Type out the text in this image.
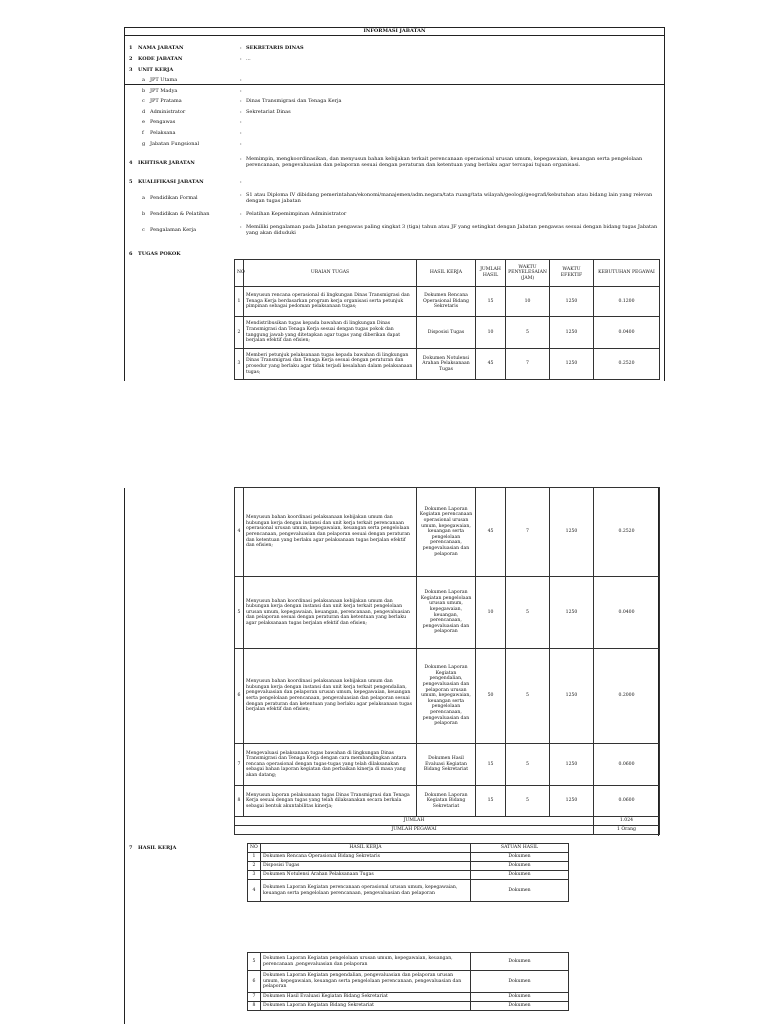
INFORMASI JABATAN
1 NAMA JABATAN	: SEKRETARIS DINAS
2 KODE JABATAN	: ...
3 UNIT KERJA
a JPT Utama	:
b JPT Madya	:
c JPT Pratama	: Dinas Transmigrasi dan Tenaga Kerja
d Administrator	: Sekretariat Dinas
e Pengawas	:
f Pelaksana	:
g Jabatan Fungsional	:
4 IKHTISAR JABATAN
: Memimpin, mengkoordinasikan, dan menyusun bahan kebijakan terkait perencanaan operasional urusan umum, kepegawaian, keuangan serta pengelolaan perencanaan, pengevaluasian dan pelaporan sesuai dengan peraturan dan ketentuan yang berlaku agar tercapai tujuan organisasi.
5 KUALIFIKASI JABATAN	:
a Pendidikan Formal	: S1 atau Diploma IV dibidang pemerintahan/ekonomi/manajemen/adm.negara/tata ruang/tata wilayah/geologi/geografi/kebutuhan atau bidang lain yang relevan dengan tugas jabatan
b Pendidikan & Pelatihan	: Pelatihan Kepemimpinan Administrator
c Pengalaman Kerja	: Memiliki pengalaman pada Jabatan pengawas paling singkat 3 (tiga) tahun atau JF yang setingkat dengan Jabatan pengawas sesuai dengan bidang tugas Jabatan yang akan diduduki
6 TUGAS POKOK
NO	URAIAN TUGAS	HASIL KERJA	JUMLAH HASIL	WAKTU PENYELESAIAN (JAM)	WAKTU EFEKTIF	KEBUTUHAN PEGAWAI
1	Menyusun rencana operasional di lingkungan Dinas Transmigrasi dan Tenaga Kerja berdasarkan program kerja organisasi serta petunjuk pimpinan sebagai pedoman pelaksanaan tugas;	Dokumen Rencana Operasional Bidang Sekretaris	15	10	1250	0.1200
2	Mendistribusikan tugas kepada bawahan di lingkungan Dinas Transmigrasi dan Tenaga Kerja sesuai dengan tugas pokok dan tanggung jawab yang ditetapkan agar tugas yang diberikan dapat berjalan efektif dan efisien;	Disposisi Tugas	10	5	1250	0.0400
3	Memberi petunjuk pelaksanaan tugas kepada bawahan di lingkungan Dinas Transmigrasi dan Tenaga Kerja sesuai dengan peraturan dan prosedur yang berlaku agar tidak terjadi kesalahan dalam pelaksanaan tugas;	Dokumen Notulensi Arahan Pelaksanaan Tugas	45	7	1250	0.2520
4	Menyusun bahan koordinasi pelaksanaan kebijakan umum dan hubungan kerja dengan instansi dan unit kerja terkait perencanaan operasional urusan umum, kepegawaian, keuangan serta pengelolaan perencanaan, pengevaluasian dan pelaporan sesuai dengan peraturan dan ketentuan yang berlaku agar pelaksanaan tugas berjalan efektif dan efisien;	Dokumen Laporan Kegiatan perencanaan operasional urusan umum, kepegawaian, keuangan serta pengelolaan perencanaan, pengevaluasian dan pelaporan	45	7	1250	0.2520
5	Menyusun bahan koordinasi pelaksanaan kebijakan umum dan hubungan kerja dengan instansi dan unit kerja terkait pengelolaan urusan umum, kepegawaian, keuangan, perencanaan, pengevaluasian dan pelaporan sesuai dengan peraturan dan ketentuan yang berlaku agar pelaksanaan tugas berjalan efektif dan efisien;	Dokumen Laporan Kegiatan pengelolaan urusan umum, kepegawaian, keuangan, perencanaan, pengevaluasian dan pelaporan	10	5	1250	0.0400
6	Menyusun bahan koordinasi pelaksanaan kebijakan umum dan hubungan kerja dengan instansi dan unit kerja terkait pengendalian, pengevaluasian dan pelaporan urusan umum, kepegawaian, keuangan serta pengelolaan perencanaan, pengevaluasian dan pelaporan sesuai dengan peraturan dan ketentuan yang berlaku agar pelaksanaan tugas berjalan efektif dan efisien;	Dokumen Laporan Kegiatan pengendalian, pengevaluasian dan pelaporan urusan umum, kepegawaian, keuangan serta pengelolaan perencanaan, pengevaluasian dan pelaporan	50	5	1250	0.2000
7	Mengevaluasi pelaksanaan tugas bawahan di lingkungan Dinas Transmigrasi dan Tenaga Kerja dengan cara membandingkan antara rencana operasional dengan tugas-tugas yang telah dilaksanakan sebagai bahan laporan kegiatan dan perbaikan kinerja di masa yang akan datang;	Dokumen Hasil Evaluasi Kegiatan Bidang Sekretariat	15	5	1250	0.0600
8	Menyusun laporan pelaksanaan tugas Dinas Transmigrasi dan Tenaga Kerja sesuai dengan tugas yang telah dilaksanakan secara berkala sebagai bentuk akuntabilitas kinerja;	Dokumen Laporan Kegiatan Bidang Sekretariat	15	5	1250	0.0600
JUMLAH						1.024
JUMLAH PEGAWAI						1 Orang
7 HASIL KERJA	NO	HASIL KERJA	SATUAN HASIL
1	Dokumen Rencana Operasional Bidang Sekretaris	Dokumen
2	Disposisi Tugas	Dokumen
3	Dokumen Notulensi Arahan Pelaksanaan Tugas	Dokumen
4	Dokumen Laporan Kegiatan perencanaan operasional urusan umum, kepegawaian, keuangan serta pengelolaan perencanaan, pengevaluasian dan pelaporan	Dokumen
5	Dokumen Laporan Kegiatan pengelolaan urusan umum, kepegawaian, keuangan, perencanaan ,pengevaluasian dan pelaporan	Dokumen
6	Dokumen Laporan Kegiatan pengendalian, pengevaluasian dan pelaporan urusan umum, kepegawaian, keuangan serta pengelolaan perencanaan, pengevaluasian dan pelaporan	Dokumen
7	Dokumen Hasil Evaluasi Kegiatan Bidang Sekretariat	Dokumen
8	Dokumen Laporan Kegiatan Bidang Sekretariat	Dokumen
